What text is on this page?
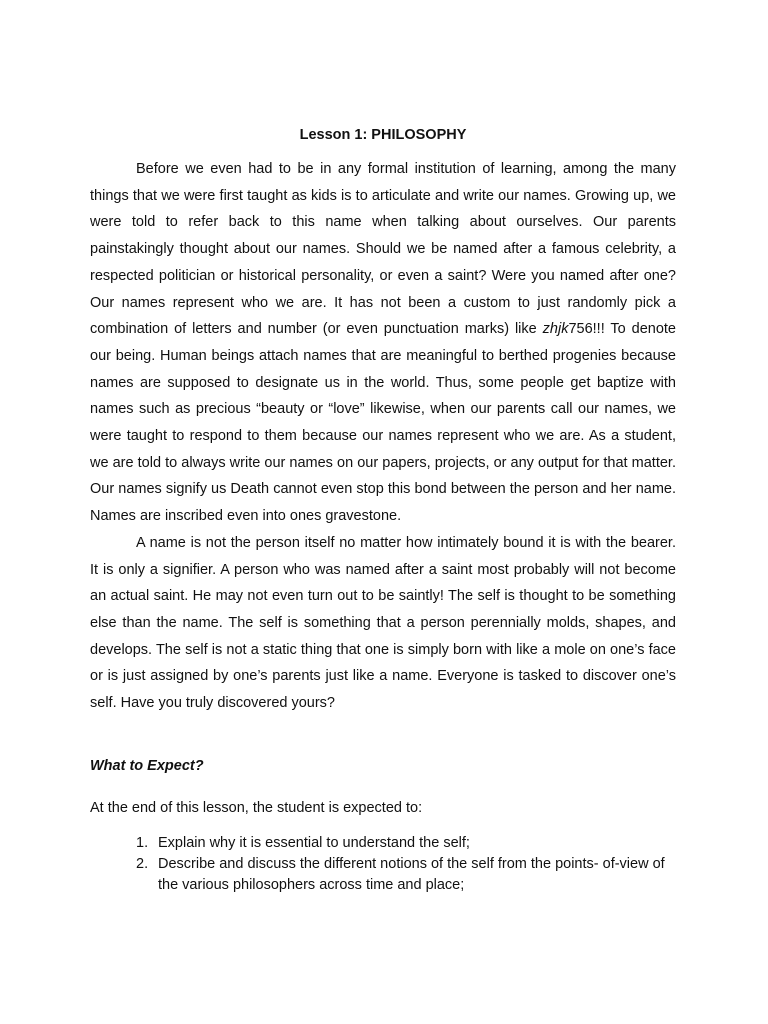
Lesson 1: PHILOSOPHY

Before we even had to be in any formal institution of learning, among the many things that we were first taught as kids is to articulate and write our names. Growing up, we were told to refer back to this name when talking about ourselves. Our parents painstakingly thought about our names. Should we be named after a famous celebrity, a respected politician or historical personality, or even a saint? Were you named after one? Our names represent who we are. It has not been a custom to just randomly pick a combination of letters and number (or even punctuation marks) like zhjk756!!! To denote our being. Human beings attach names that are meaningful to berthed progenies because names are supposed to designate us in the world. Thus, some people get baptize with names such as precious “beauty or “love” likewise, when our parents call our names, we were taught to respond to them because our names represent who we are. As a student, we are told to always write our names on our papers, projects, or any output for that matter. Our names signify us Death cannot even stop this bond between the person and her name. Names are inscribed even into ones gravestone.

A name is not the person itself no matter how intimately bound it is with the bearer. It is only a signifier. A person who was named after a saint most probably will not become an actual saint. He may not even turn out to be saintly! The self is thought to be something else than the name. The self is something that a person perennially molds, shapes, and develops. The self is not a static thing that one is simply born with like a mole on one’s face or is just assigned by one’s parents just like a name. Everyone is tasked to discover one’s self. Have you truly discovered yours?

What to Expect?

At the end of this lesson, the student is expected to:

1. Explain why it is essential to understand the self;
2. Describe and discuss the different notions of the self from the points- of-view of the various philosophers across time and place;
